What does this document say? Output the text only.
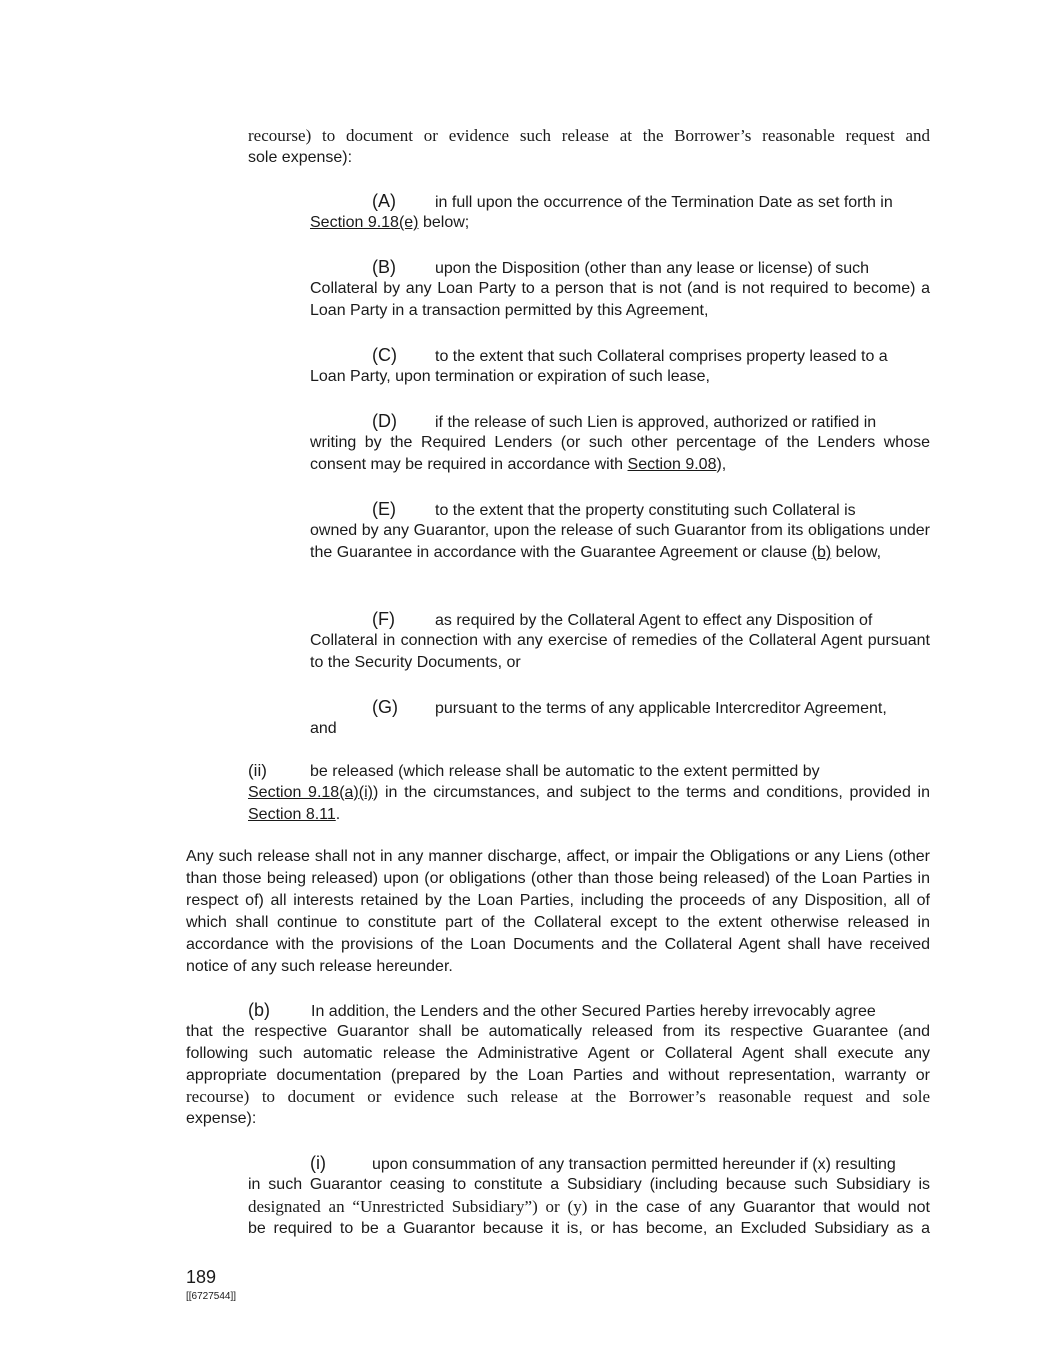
recourse) to document or evidence such release at the Borrower’s reasonable request and

sole expense):

(A) in full upon the occurrence of the Termination Date as set forth in

Section 9.18(e) below;

(B) upon the Disposition (other than any lease or license) of such

Collateral by any Loan Party to a person that is not (and is not required to become) a Loan Party in a transaction permitted by this Agreement,

(C) to the extent that such Collateral comprises property leased to a

Loan Party, upon termination or expiration of such lease,

(D) if the release of such Lien is approved, authorized or ratified in

writing by the Required Lenders (or such other percentage of the Lenders whose consent may be required in accordance with Section 9.08),

(E) to the extent that the property constituting such Collateral is

owned by any Guarantor, upon the release of such Guarantor from its obligations under the Guarantee in accordance with the Guarantee Agreement or clause (b) below,

(F)	as required by the Collateral Agent to effect any Disposition of

Collateral in connection with any exercise of remedies of the Collateral Agent pursuant to the Security Documents, or

(G) pursuant to the terms of any applicable Intercreditor Agreement,

and

(ii)	be released (which release shall be automatic to the extent permitted by

Section 9.18(a)(i)) in the circumstances, and subject to the terms and conditions, provided in Section 8.11.

Any such release shall not in any manner discharge, affect, or impair the Obligations or any Liens (other than those being released) upon (or obligations (other than those being released) of the Loan Parties in respect of) all interests retained by the Loan Parties, including the proceeds of any Disposition, all of which shall continue to constitute part of the Collateral except to the extent otherwise released in accordance with the provisions of the Loan Documents and the Collateral Agent shall have received notice of any such release hereunder.

(b)	In addition, the Lenders and the other Secured Parties hereby irrevocably agree

that the respective Guarantor shall be automatically released from its respective Guarantee (and following such automatic release the Administrative Agent or Collateral Agent shall execute any appropriate documentation (prepared by the Loan Parties and without representation, warranty or

recourse) to document or evidence such release at the Borrower’s reasonable request and sole

expense):

(i)	upon consummation of any transaction permitted hereunder if (x) resulting

in such Guarantor ceasing to constitute a Subsidiary (including because such Subsidiary is

designated an “Unrestricted Subsidiary”) or (y) in the case of any Guarantor that would not

be required to be a Guarantor because it is, or has become, an Excluded Subsidiary as a

189
[[6727544]]
